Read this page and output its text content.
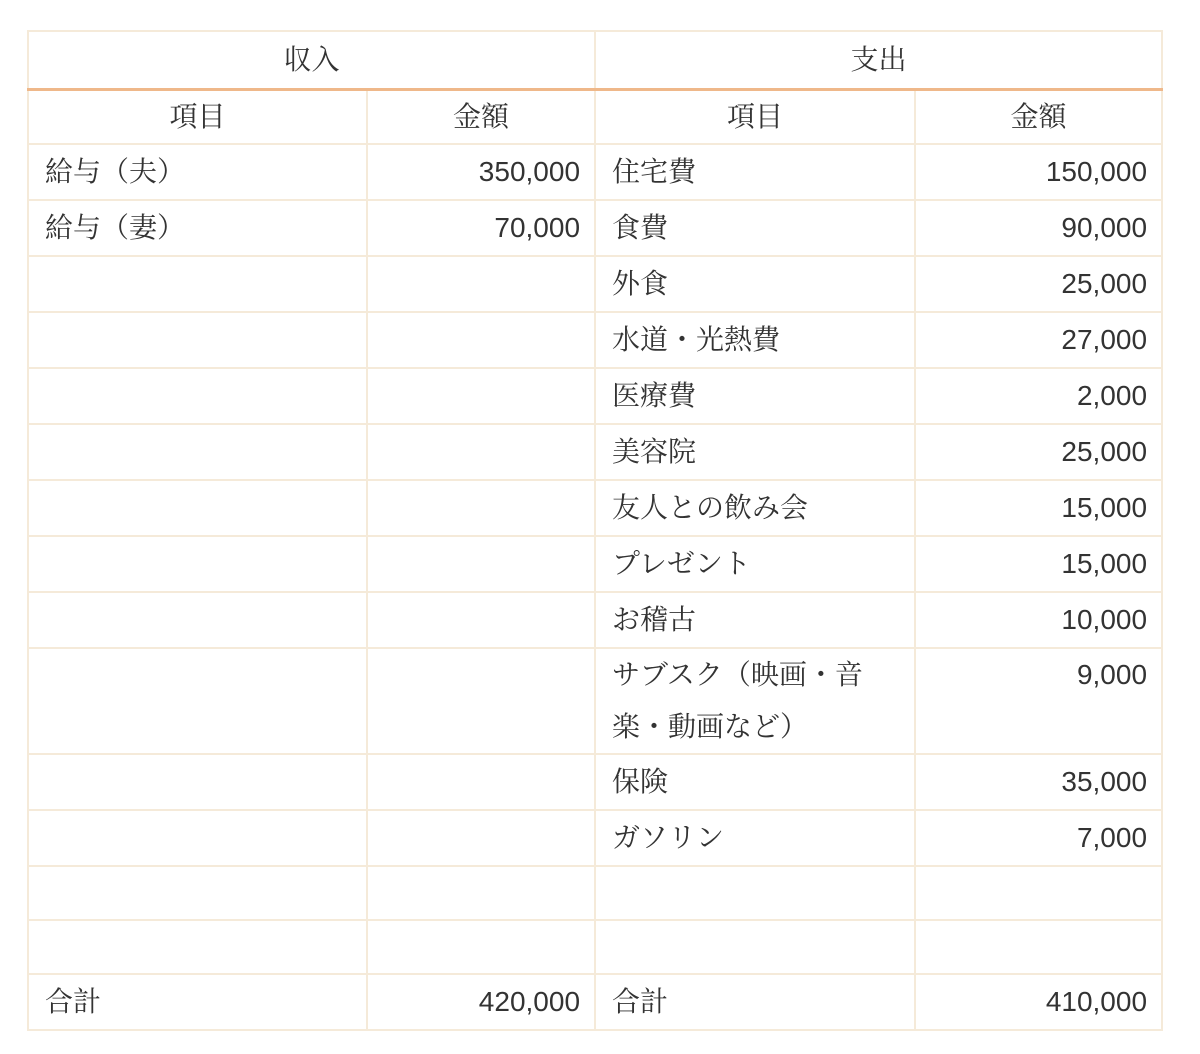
収入		支出	
項目	金額	項目	金額
給与（夫）	350,000	住宅費	150,000
給与（妻）	70,000	食費	90,000
		外食	25,000
		水道・光熱費	27,000
		医療費	2,000
		美容院	25,000
		友人との飲み会	15,000
		プレゼント	15,000
		お稽古	10,000
		サブスク（映画・音楽・動画など）	9,000
		保険	35,000
		ガソリン	7,000

合計	420,000	合計	410,000
